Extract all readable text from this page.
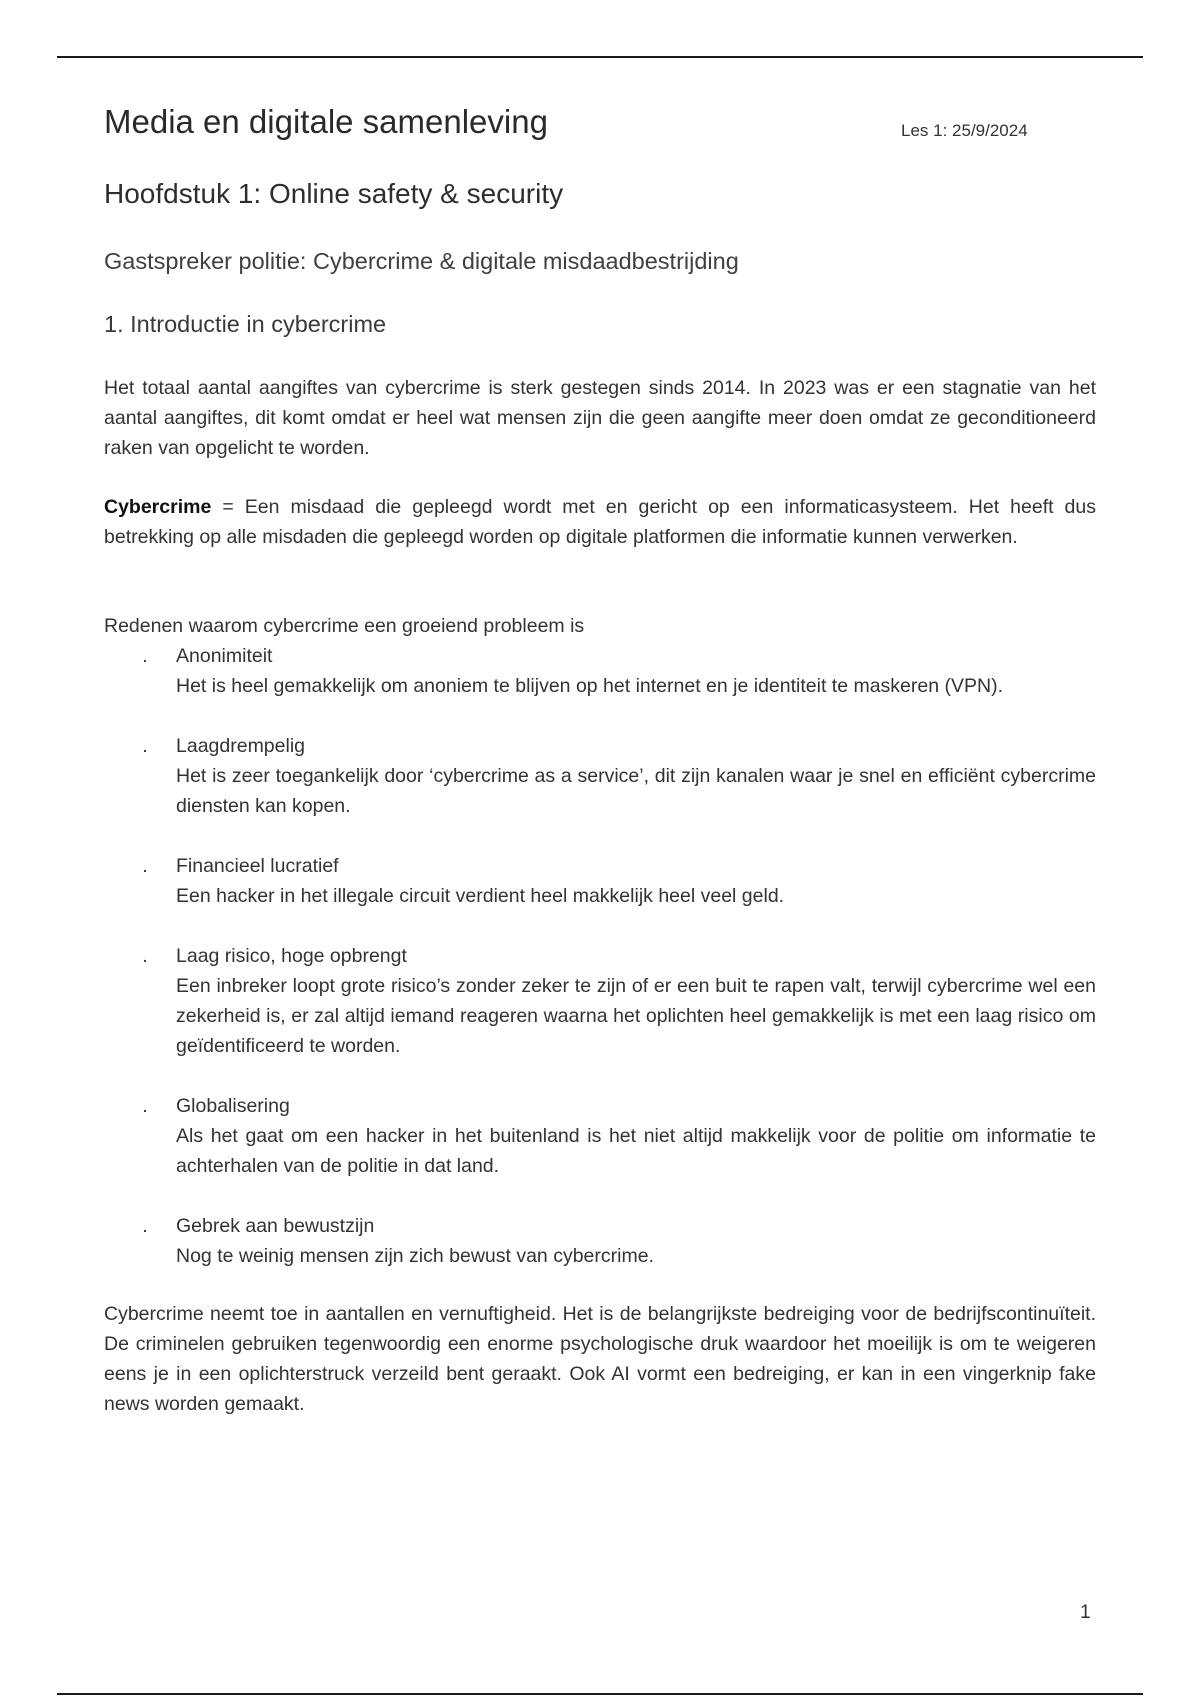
Media en digitale samenleving	Les 1: 25/9/2024
Hoofdstuk 1: Online safety & security
Gastspreker politie: Cybercrime & digitale misdaadbestrijding
1. Introductie in cybercrime

Het totaal aantal aangiftes van cybercrime is sterk gestegen sinds 2014. In 2023 was er een stagnatie van het aantal aangiftes, dit komt omdat er heel wat mensen zijn die geen aangifte meer doen omdat ze geconditioneerd raken van opgelicht te worden.

Cybercrime = Een misdaad die gepleegd wordt met en gericht op een informaticasysteem. Het heeft dus betrekking op alle misdaden die gepleegd worden op digitale platformen die informatie kunnen verwerken.

Redenen waarom cybercrime een groeiend probleem is

. Anonimiteit
Het is heel gemakkelijk om anoniem te blijven op het internet en je identiteit te maskeren (VPN).
. Laagdrempelig
Het is zeer toegankelijk door ‘cybercrime as a service’, dit zijn kanalen waar je snel en efficiënt cybercrime diensten kan kopen.
. Financieel lucratief
Een hacker in het illegale circuit verdient heel makkelijk heel veel geld.
. Laag risico, hoge opbrengt
Een inbreker loopt grote risico’s zonder zeker te zijn of er een buit te rapen valt, terwijl cybercrime wel een zekerheid is, er zal altijd iemand reageren waarna het oplichten heel gemakkelijk is met een laag risico om geïdentificeerd te worden.
. Globalisering
Als het gaat om een hacker in het buitenland is het niet altijd makkelijk voor de politie om informatie te achterhalen van de politie in dat land.
. Gebrek aan bewustzijn
Nog te weinig mensen zijn zich bewust van cybercrime.

Cybercrime neemt toe in aantallen en vernuftigheid. Het is de belangrijkste bedreiging voor de bedrijfscontinuïteit. De criminelen gebruiken tegenwoordig een enorme psychologische druk waardoor het moeilijk is om te weigeren eens je in een oplichterstruck verzeild bent geraakt. Ook AI vormt een bedreiging, er kan in een vingerknip fake news worden gemaakt.

1
